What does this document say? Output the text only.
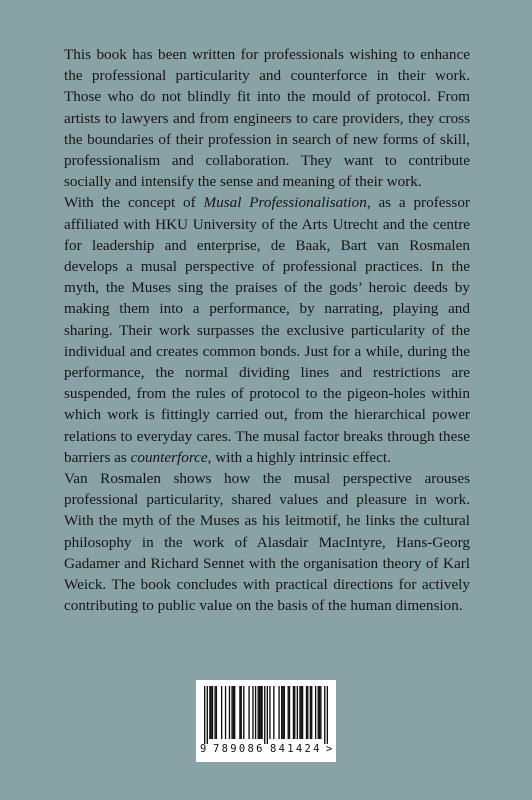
This book has been written for professionals wishing to enhance the professional particularity and counterforce in their work. Those who do not blindly fit into the mould of protocol. From artists to lawyers and from engineers to care providers, they cross the boundaries of their profession in search of new forms of skill, professionalism and collaboration. They want to contribute socially and intensify the sense and meaning of their work.

With the concept of Musal Professionalisation, as a professor affiliated with HKU University of the Arts Utrecht and the centre for leadership and enterprise, de Baak, Bart van Rosmalen develops a musal perspective of professional practices. In the myth, the Muses sing the praises of the gods’ heroic deeds by making them into a performance, by narrating, playing and sharing. Their work surpasses the exclusive particularity of the individual and creates common bonds. Just for a while, during the performance, the normal dividing lines and restrictions are suspended, from the rules of protocol to the pigeon-holes within which work is fittingly carried out, from the hierarchical power relations to everyday cares. The musal factor breaks through these barriers as counterforce, with a highly intrinsic effect.

Van Rosmalen shows how the musal perspective arouses professional particularity, shared values and pleasure in work. With the myth of the Muses as his leitmotif, he links the cultural philosophy in the work of Alasdair MacIntyre, Hans-Georg Gadamer and Richard Sennet with the organisation theory of Karl Weick. The book concludes with practical directions for actively contributing to public value on the basis of the human dimension.

9 789086 841424 >
